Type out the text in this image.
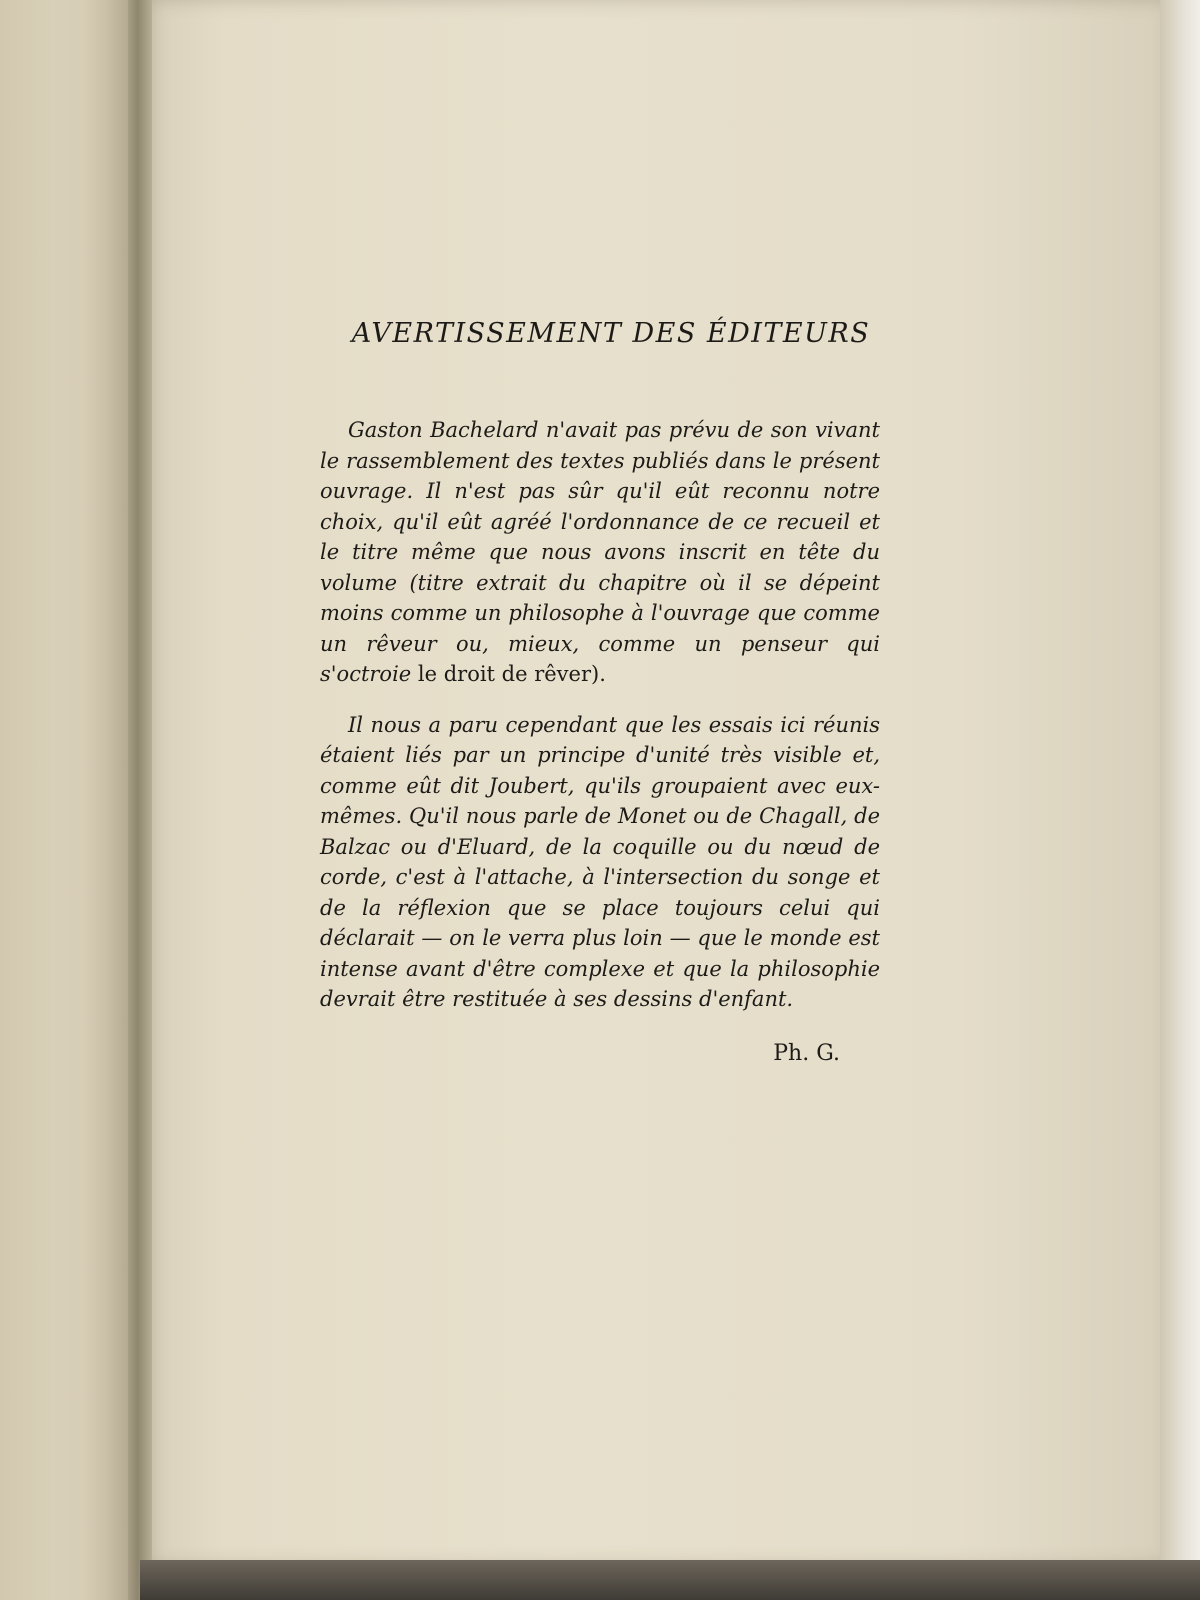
AVERTISSEMENT DES ÉDITEURS

Gaston Bachelard n'avait pas prévu de son vivant le rassemblement des textes publiés dans le présent ouvrage. Il n'est pas sûr qu'il eût reconnu notre choix, qu'il eût agréé l'ordonnance de ce recueil et le titre même que nous avons inscrit en tête du volume (titre extrait du chapitre où il se dépeint moins comme un philosophe à l'ouvrage que comme un rêveur ou, mieux, comme un penseur qui s'octroie le droit de rêver).

Il nous a paru cependant que les essais ici réunis étaient liés par un principe d'unité très visible et, comme eût dit Joubert, qu'ils groupaient avec eux-mêmes. Qu'il nous parle de Monet ou de Chagall, de Balzac ou d'Eluard, de la coquille ou du nœud de corde, c'est à l'attache, à l'intersection du songe et de la réflexion que se place toujours celui qui déclarait — on le verra plus loin — que le monde est intense avant d'être complexe et que la philosophie devrait être restituée à ses dessins d'enfant.

Ph. G.
